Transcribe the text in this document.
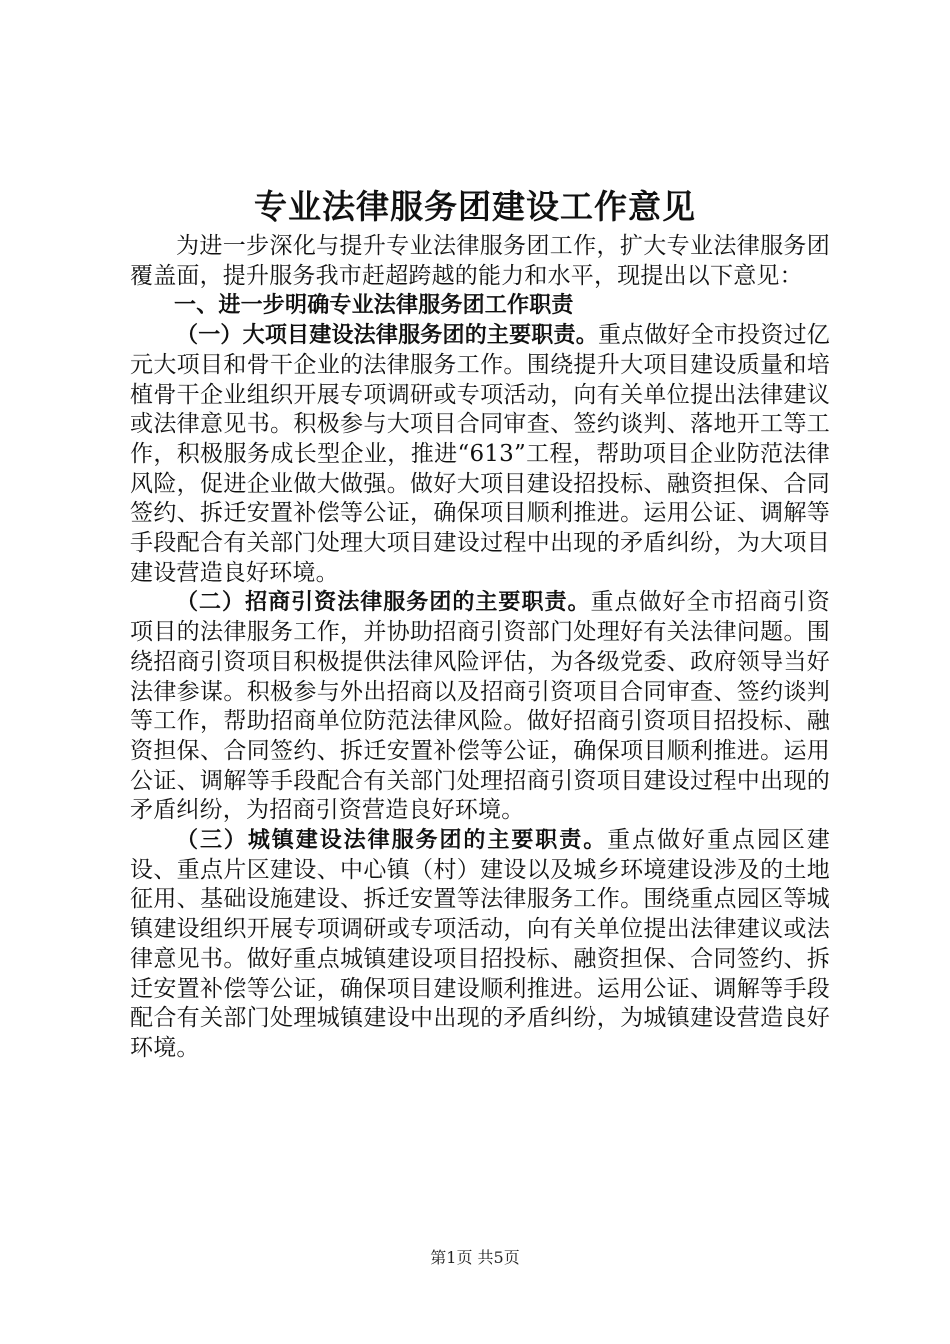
专业法律服务团建设工作意见

为进一步深化与提升专业法律服务团工作，扩大专业法律服务团覆盖面，提升服务我市赶超跨越的能力和水平，现提出以下意见：

一、进一步明确专业法律服务团工作职责

（一）大项目建设法律服务团的主要职责。重点做好全市投资过亿元大项目和骨干企业的法律服务工作。围绕提升大项目建设质量和培植骨干企业组织开展专项调研或专项活动，向有关单位提出法律建议或法律意见书。积极参与大项目合同审查、签约谈判、落地开工等工作，积极服务成长型企业，推进“613”工程，帮助项目企业防范法律风险，促进企业做大做强。做好大项目建设招投标、融资担保、合同签约、拆迁安置补偿等公证，确保项目顺利推进。运用公证、调解等手段配合有关部门处理大项目建设过程中出现的矛盾纠纷，为大项目建设营造良好环境。

（二）招商引资法律服务团的主要职责。重点做好全市招商引资项目的法律服务工作，并协助招商引资部门处理好有关法律问题。围绕招商引资项目积极提供法律风险评估，为各级党委、政府领导当好法律参谋。积极参与外出招商以及招商引资项目合同审查、签约谈判等工作，帮助招商单位防范法律风险。做好招商引资项目招投标、融资担保、合同签约、拆迁安置补偿等公证，确保项目顺利推进。运用公证、调解等手段配合有关部门处理招商引资项目建设过程中出现的矛盾纠纷，为招商引资营造良好环境。

（三）城镇建设法律服务团的主要职责。重点做好重点园区建设、重点片区建设、中心镇（村）建设以及城乡环境建设涉及的土地征用、基础设施建设、拆迁安置等法律服务工作。围绕重点园区等城镇建设组织开展专项调研或专项活动，向有关单位提出法律建议或法律意见书。做好重点城镇建设项目招投标、融资担保、合同签约、拆迁安置补偿等公证，确保项目建设顺利推进。运用公证、调解等手段配合有关部门处理城镇建设中出现的矛盾纠纷，为城镇建设营造良好环境。

第1页 共5页
